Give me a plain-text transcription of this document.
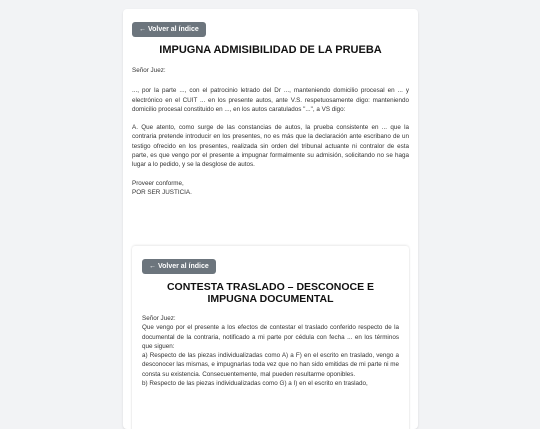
← Volver al índice
IMPUGNA ADMISIBILIDAD DE LA PRUEBA

Señor Juez:

..., por la parte ..., con el patrocinio letrado del Dr ..., manteniendo domicilio procesal en ... y electrónico en el CUIT ... en los presente autos, ante V.S. respetuosamente digo: manteniendo domicilio procesal constituido en ..., en los autos caratulados "...", a VS digo:

A. Que atento, como surge de las constancias de autos, la prueba consistente en ... que la contraria pretende introducir en los presentes, no es más que la declaración ante escribano de un testigo ofrecido en los presentes, realizada sin orden del tribunal actuante ni contralor de esta parte, es que vengo por el presente a impugnar formalmente su admisión, solicitando no se haga lugar a lo pedido, y se la desglose de autos.

Proveer conforme,

POR SER JUSTICIA.

← Volver al índice
CONTESTA TRASLADO – DESCONOCE E IMPUGNA DOCUMENTAL

Señor Juez:

Que vengo por el presente a los efectos de contestar el traslado conferido respecto de la documental de la contraria, notificado a mi parte por cédula con fecha ... en los términos que siguen:

a) Respecto de las piezas individualizadas como A) a F) en el escrito en traslado, vengo a desconocer las mismas, e impugnarlas toda vez que no han sido emitidas de mi parte ni me consta su existencia. Consecuentemente, mal pueden resultarme oponibles.

b) Respecto de las piezas individualizadas como G) a I) en el escrito en traslado,
